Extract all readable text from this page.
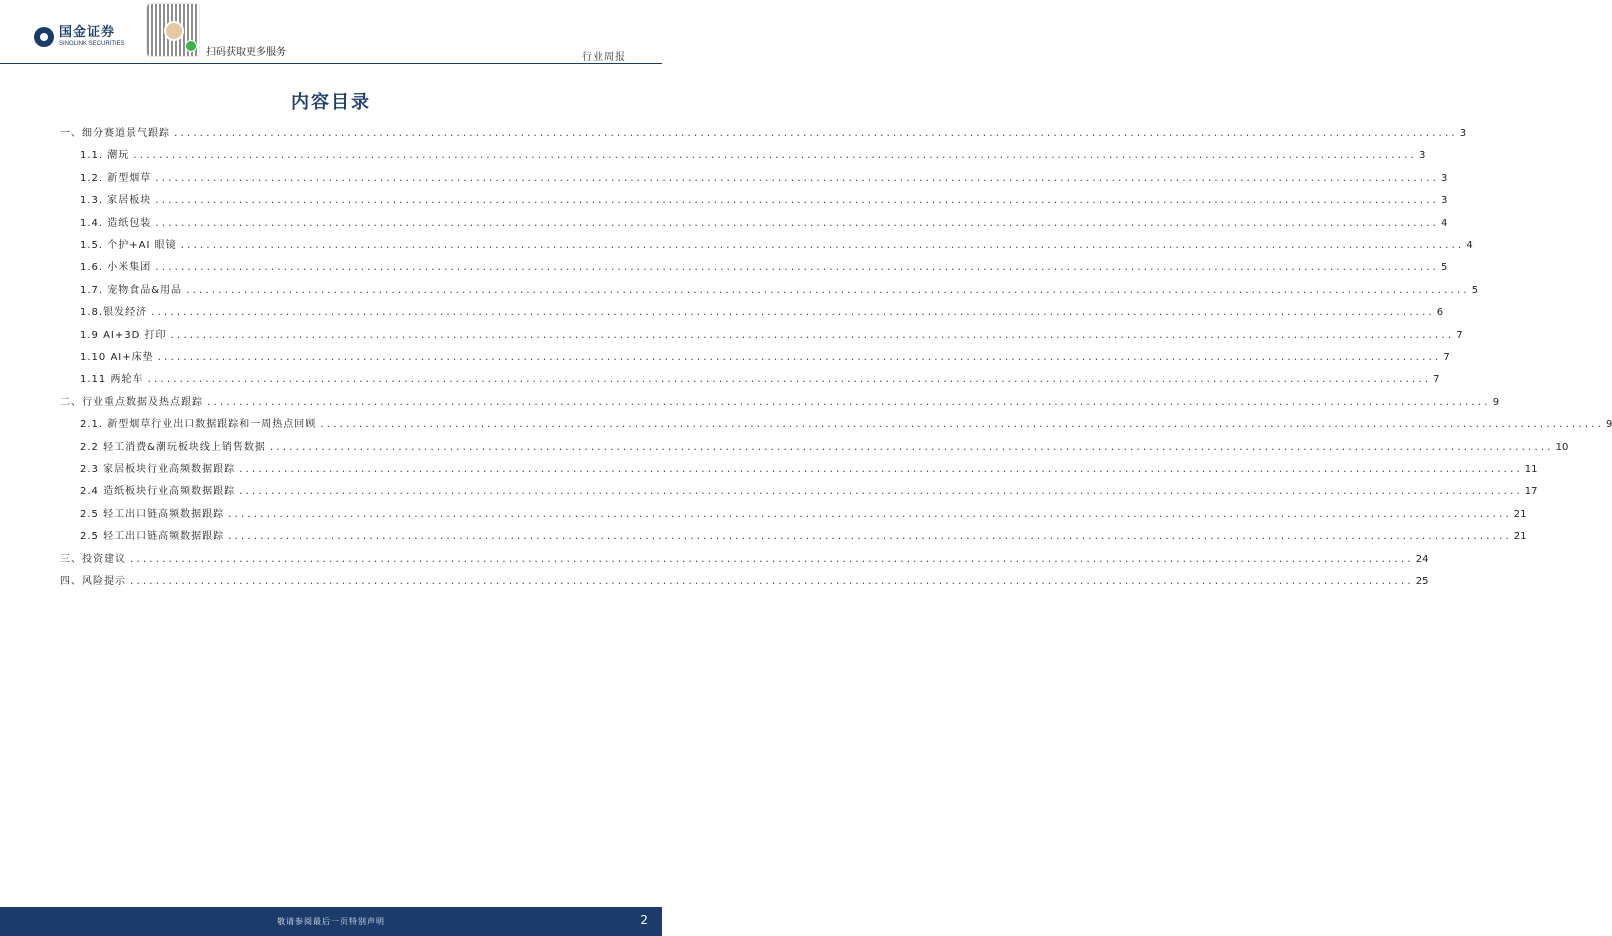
国金证券
SINOLINK SECURITIES
扫码获取更多服务	行业周报
内容目录
一、细分赛道景气跟踪 ........................................................................................................................................................................................................ 3
1.1. 潮玩 ........................................................................................................................................................................................................ 3
1.2. 新型烟草 ........................................................................................................................................................................................................ 3
1.3. 家居板块 ........................................................................................................................................................................................................ 3
1.4. 造纸包装 ........................................................................................................................................................................................................ 4
1.5. 个护+AI 眼镜 ........................................................................................................................................................................................................ 4
1.6. 小米集团 ........................................................................................................................................................................................................ 5
1.7. 宠物食品&用品 ........................................................................................................................................................................................................ 5
1.8.银发经济 ........................................................................................................................................................................................................ 6
1.9 AI+3D 打印 ........................................................................................................................................................................................................ 7
1.10 AI+床垫 ........................................................................................................................................................................................................ 7
1.11 两轮车 ........................................................................................................................................................................................................ 7
二、行业重点数据及热点跟踪 ........................................................................................................................................................................................................ 9
2.1. 新型烟草行业出口数据跟踪和一周热点回顾 ........................................................................................................................................................................................................ 9
2.2 轻工消费&潮玩板块线上销售数据 ........................................................................................................................................................................................................ 10
2.3 家居板块行业高频数据跟踪 ........................................................................................................................................................................................................ 11
2.4 造纸板块行业高频数据跟踪 ........................................................................................................................................................................................................ 17
2.5 轻工出口链高频数据跟踪 ........................................................................................................................................................................................................ 21
2.5 轻工出口链高频数据跟踪 ........................................................................................................................................................................................................ 21
三、投资建议 ........................................................................................................................................................................................................ 24
四、风险提示 ........................................................................................................................................................................................................ 25
敬请参阅最后一页特别声明	2
